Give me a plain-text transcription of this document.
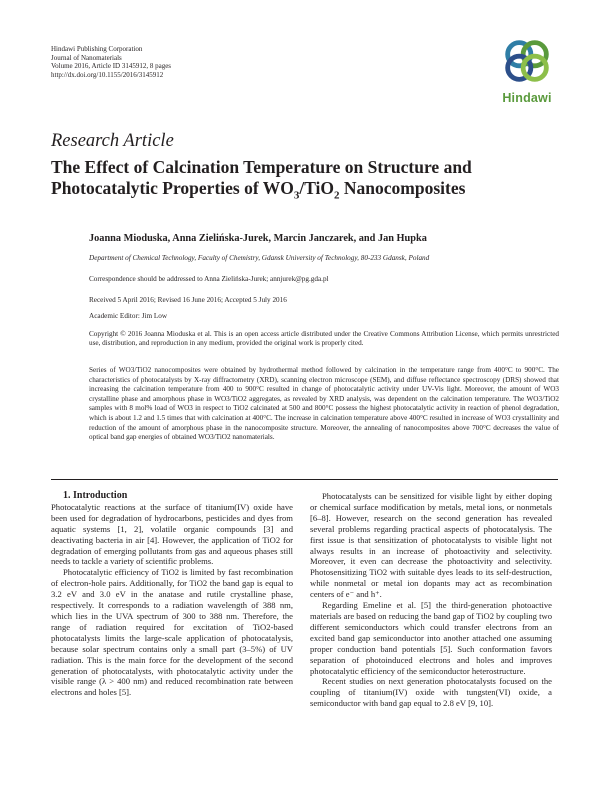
Hindawi Publishing Corporation
Journal of Nanomaterials
Volume 2016, Article ID 3145912, 8 pages
http://dx.doi.org/10.1155/2016/3145912
Hindawi
Research Article
The Effect of Calcination Temperature on Structure and
Photocatalytic Properties of $WO_3/TiO_2$ Nanocomposites
Joanna Mioduska, Anna Zielińska-Jurek, Marcin Janczarek, and Jan Hupka
Department of Chemical Technology, Faculty of Chemistry, Gdansk University of Technology, 80-233 Gdansk, Poland
Correspondence should be addressed to Anna Zielińska-Jurek; annjurek@pg.gda.pl
Received 5 April 2016; Revised 16 June 2016; Accepted 5 July 2016
Academic Editor: Jim Low
Copyright © 2016 Joanna Mioduska et al. This is an open access article distributed under the Creative Commons Attribution License, which permits unrestricted use, distribution, and reproduction in any medium, provided the original work is properly cited.
Series of WO3/TiO2 nanocomposites were obtained by hydrothermal method followed by calcination in the temperature range from 400°C to 900°C. The characteristics of photocatalysts by X-ray diffractometry (XRD), scanning electron microscope (SEM), and diffuse reflectance spectroscopy (DRS) showed that increasing the calcination temperature from 400 to 900°C resulted in change of photocatalytic activity under UV-Vis light. Moreover, the amount of WO3 crystalline phase and amorphous phase in WO3/TiO2 aggregates, as revealed by XRD analysis, was dependent on the calcination temperature. The WO3/TiO2 samples with 8 mol% load of WO3 in respect to TiO2 calcinated at 500 and 800°C possess the highest photocatalytic activity in reaction of phenol degradation, which is about 1.2 and 1.5 times that with calcination at 400°C. The increase in calcination temperature above 400°C resulted in increase of WO3 crystallinity and reduction of the amount of amorphous phase in the nanocomposite structure. Moreover, the annealing of nanocomposites above 700°C decreases the value of optical band gap energies of obtained WO3/TiO2 nanomaterials.

1. Introduction

Photocatalytic reactions at the surface of titanium(IV) oxide have been used for degradation of hydrocarbons, pesticides and dyes from aquatic systems [1, 2], volatile organic compounds [3] and deactivating bacteria in air [4]. However, the application of TiO2 for degradation of emerging pollutants from gas and aqueous phases still needs to tackle a variety of scientific problems.

Photocatalytic efficiency of TiO2 is limited by fast recombination of electron-hole pairs. Additionally, for TiO2 the band gap is equal to 3.2 eV and 3.0 eV in the anatase and rutile crystalline phase, respectively. It corresponds to a radiation wavelength of 388 nm, which lies in the UVA spectrum of 300 to 388 nm. Therefore, the range of radiation required for excitation of TiO2-based photocatalysts limits the large-scale application of photocatalysis, because solar spectrum contains only a small part (3–5%) of UV radiation. This is the main force for the development of the second generation of photocatalysts, with photocatalytic activity under the visible range (λ > 400 nm) and reduced recombination rate between electrons and holes [5].

Photocatalysts can be sensitized for visible light by either doping or chemical surface modification by metals, metal ions, or nonmetals [6–8]. However, research on the second generation has revealed several problems regarding practical aspects of photocatalysis. The first issue is that sensitization of photocatalysts to visible light not always results in an increase of photoactivity and selectivity. Moreover, it even can decrease the photoactivity and selectivity. Photosensitizing TiO2 with suitable dyes leads to its self-destruction, while nonmetal or metal ion dopants may act as recombination centers of e⁻ and h⁺.

Regarding Emeline et al. [5] the third-generation photoactive materials are based on reducing the band gap of TiO2 by coupling two different semiconductors which could transfer electrons from an excited band gap semiconductor into another attached one assuming proper conduction band potentials [5]. Such conformation favors separation of photoinduced electrons and holes and improves photocatalytic efficiency of the semiconductor heterostructure.

Recent studies on next generation photocatalysts focused on the coupling of titanium(IV) oxide with tungsten(VI) oxide, a semiconductor with band gap equal to 2.8 eV [9, 10].
